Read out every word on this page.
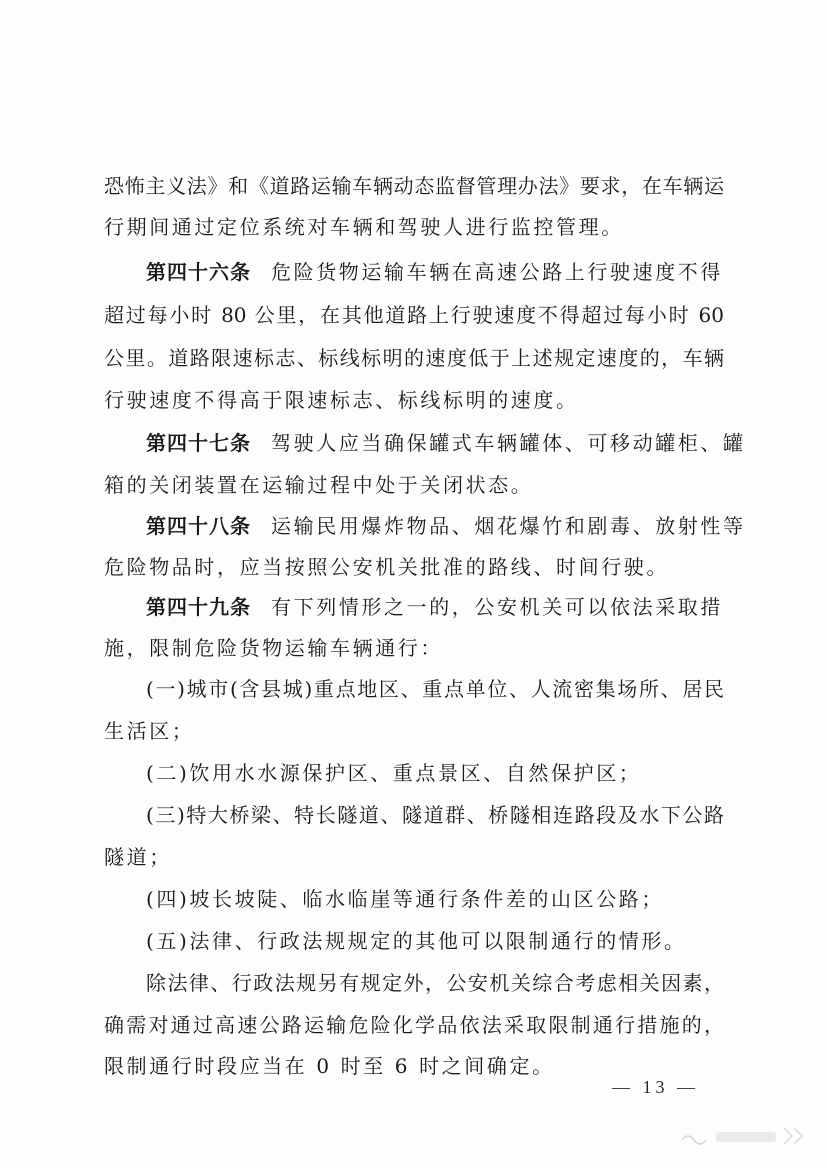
恐怖主义法》和《道路运输车辆动态监督管理办法》要求，在车辆运
行期间通过定位系统对车辆和驾驶人进行监控管理。
第四十六条 危险货物运输车辆在高速公路上行驶速度不得
超过每小时 80 公里，在其他道路上行驶速度不得超过每小时 60
公里。道路限速标志、标线标明的速度低于上述规定速度的，车辆
行驶速度不得高于限速标志、标线标明的速度。
第四十七条 驾驶人应当确保罐式车辆罐体、可移动罐柜、罐
箱的关闭装置在运输过程中处于关闭状态。
第四十八条 运输民用爆炸物品、烟花爆竹和剧毒、放射性等
危险物品时，应当按照公安机关批准的路线、时间行驶。
第四十九条 有下列情形之一的，公安机关可以依法采取措
施，限制危险货物运输车辆通行：
(一)城市(含县城)重点地区、重点单位、人流密集场所、居民
生活区；
(二)饮用水水源保护区、重点景区、自然保护区；
(三)特大桥梁、特长隧道、隧道群、桥隧相连路段及水下公路
隧道；
(四)坡长坡陡、临水临崖等通行条件差的山区公路；
(五)法律、行政法规规定的其他可以限制通行的情形。
除法律、行政法规另有规定外，公安机关综合考虑相关因素，
确需对通过高速公路运输危险化学品依法采取限制通行措施的，
限制通行时段应当在 0 时至 6 时之间确定。
— 13 —
